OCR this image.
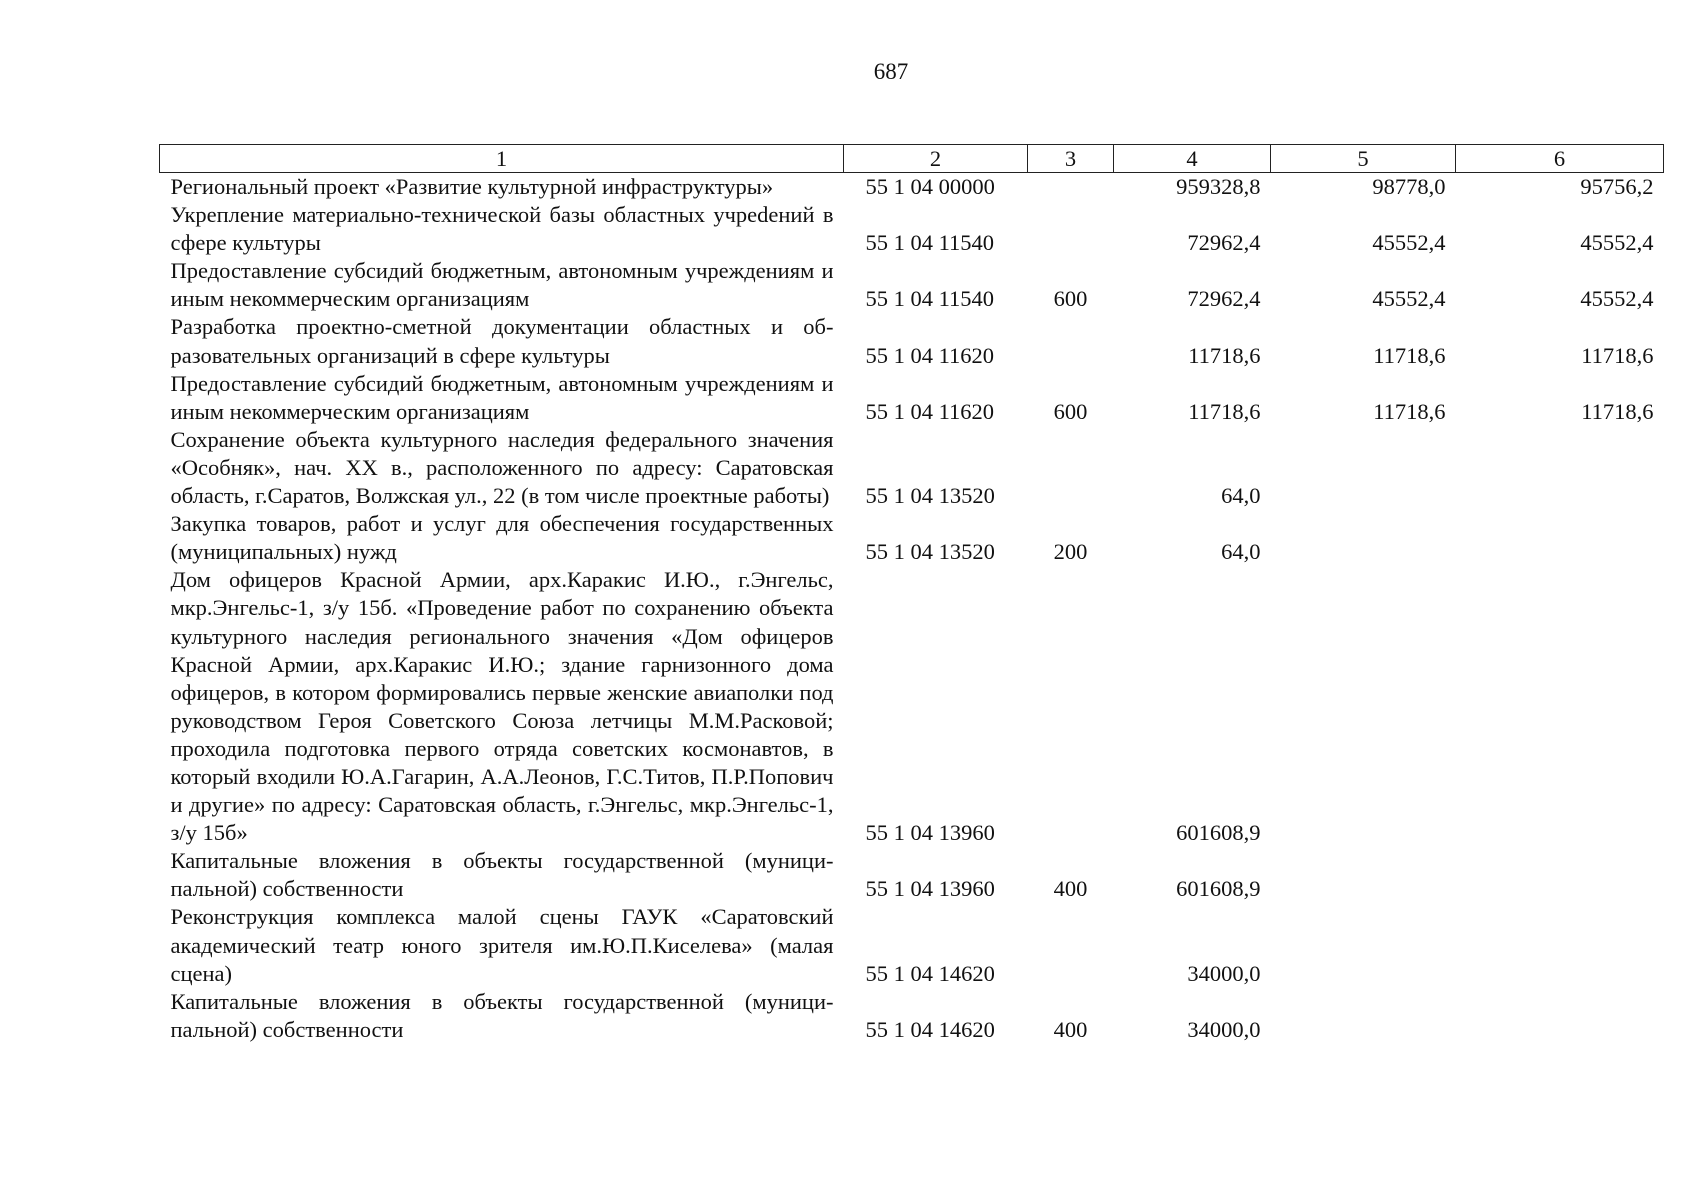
687
1	2	3	4	5	6
Региональный проект «Развитие культурной инфраструктуры»	55 1 04 00000		959328,8	98778,0	95756,2
Укрепление материально-технической базы областных учреdений в сфере культуры	55 1 04 11540		72962,4	45552,4	45552,4
Предоставление субсидий бюджетным, автономным учреждениям и иным некоммерческим организациям	55 1 04 11540	600	72962,4	45552,4	45552,4
Разработка проектно-сметной документации областных и образовательных организаций в сфере культуры	55 1 04 11620		11718,6	11718,6	11718,6
Предоставление субсидий бюджетным, автономным учреждениям и иным некоммерческим организациям	55 1 04 11620	600	11718,6	11718,6	11718,6
Сохранение объекта культурного наследия федерального значения «Особняк», нач. XX в., расположенного по адресу: Саратовская область, г.Саратов, Волжская ул., 22 (в том числе проектные работы)	55 1 04 13520		64,0		
Закупка товаров, работ и услуг для обеспечения государственных (муниципальных) нужд	55 1 04 13520	200	64,0		
Дом офицеров Красной Армии, арх.Каракис И.Ю., г.Энгельс, мкр.Энгельс-1, з/у 15б. «Проведение работ по сохранению объекта культурного наследия регионального значения «Дом офицеров Красной Армии, арх.Каракис И.Ю.; здание гарнизонного дома офицеров, в котором формировались первые женские авиаполки под руководством Героя Советского Союза летчицы М.М.Расковой; проходила подготовка первого отряда советских космонавтов, в который входили Ю.А.Гагарин, А.А.Леонов, Г.С.Титов, П.Р.Попович и другие» по адресу: Саратовская область, г.Энгельс, мкр.Энгельс-1, з/у 15б»	55 1 04 13960		601608,9		
Капитальные вложения в объекты государственной (муниципальной) собственности	55 1 04 13960	400	601608,9		
Реконструкция комплекса малой сцены ГАУК «Саратовский академический театр юного зрителя им.Ю.П.Киселева» (малая сцена)	55 1 04 14620		34000,0		
Капитальные вложения в объекты государственной (муниципальной) собственности	55 1 04 14620	400	34000,0		
